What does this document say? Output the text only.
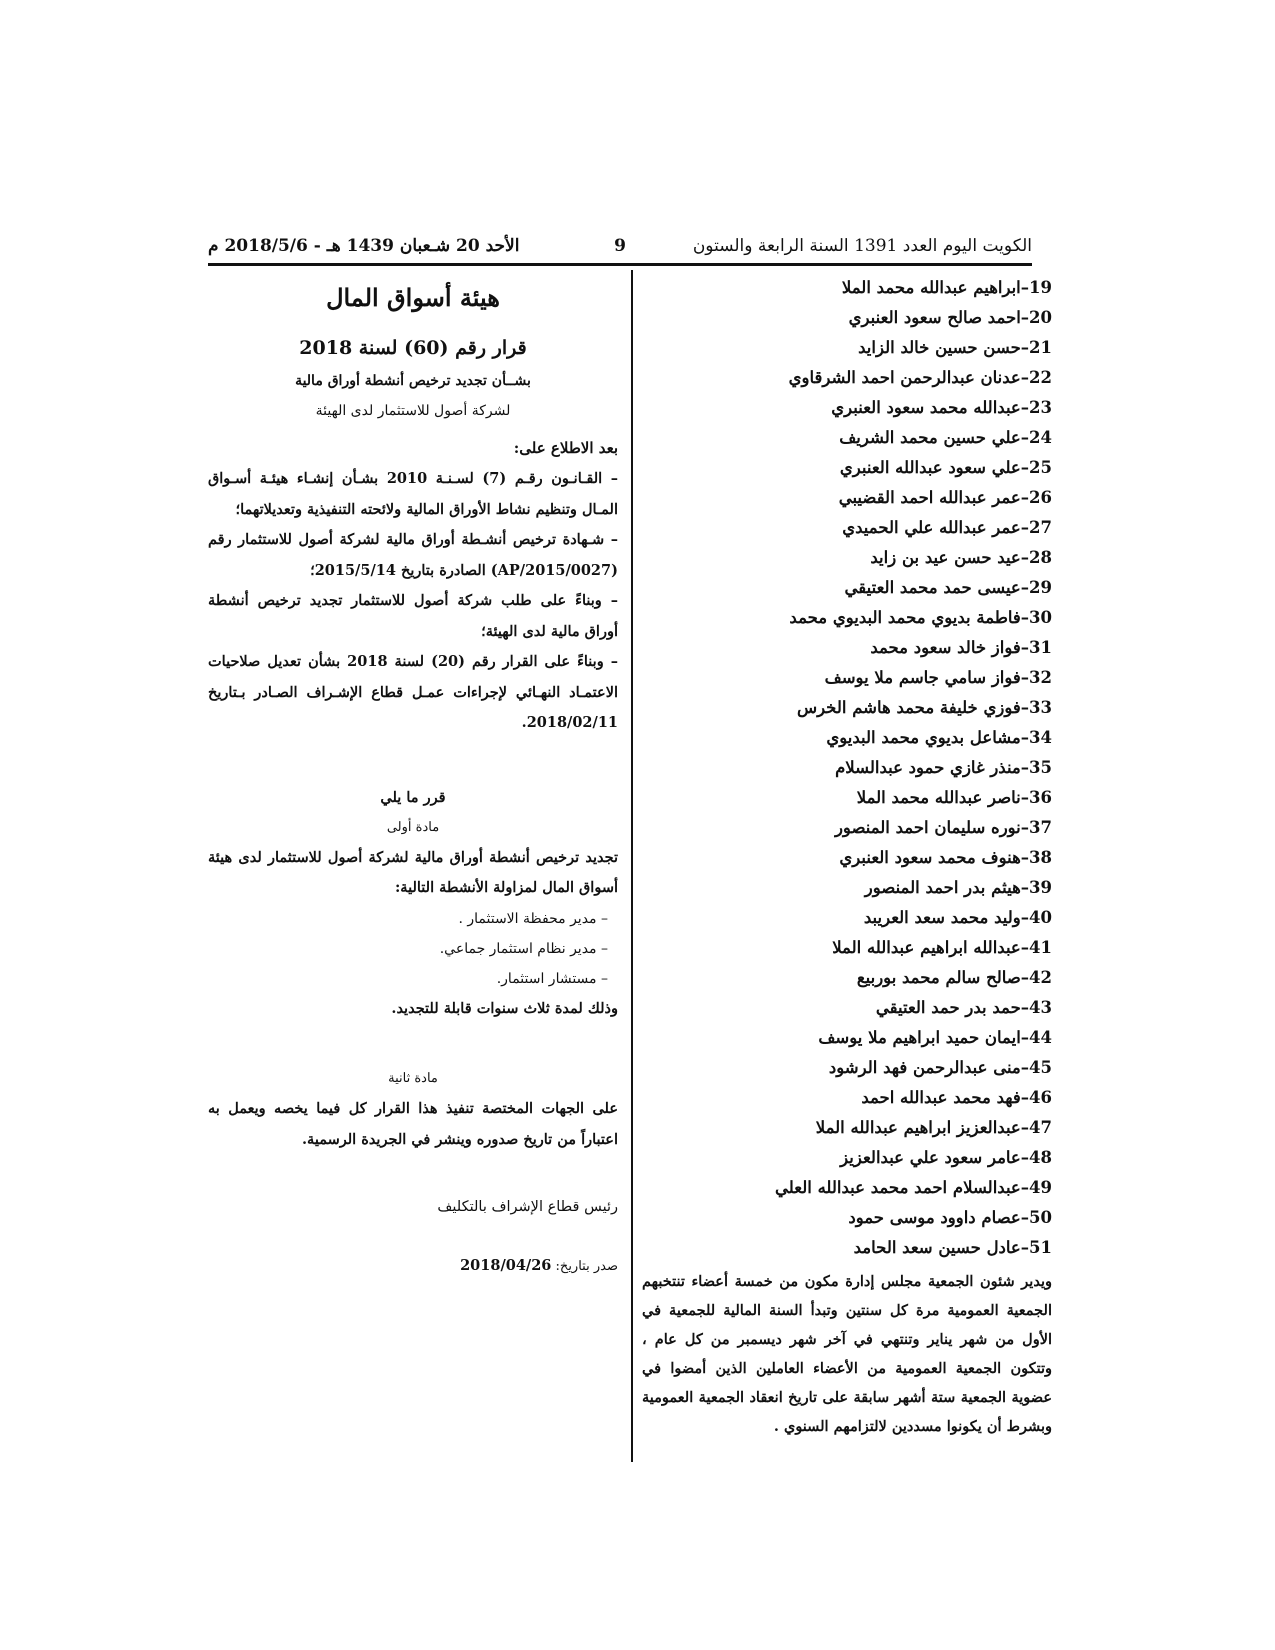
الكويت اليوم العدد 1391 السنة الرابعة والستون
9
الأحد 20 شـعبان 1439 هـ - 2018/5/6 م
19–ابراهيم عبدالله محمد الملا
20–احمد صالح سعود العنبري
21–حسن حسين خالد الزايد
22–عدنان عبدالرحمن احمد الشرقاوي
23–عبدالله محمد سعود العنبري
24–علي حسين محمد الشريف
25–علي سعود عبدالله العنبري
26–عمر عبدالله احمد القضيبي
27–عمر عبدالله علي الحميدي
28–عيد حسن عيد بن زايد
29–عيسى حمد محمد العتيقي
30–فاطمة بديوي محمد البديوي محمد
31–فواز خالد سعود محمد
32–فواز سامي جاسم ملا يوسف
33–فوزي خليفة محمد هاشم الخرس
34–مشاعل بديوي محمد البديوي
35–منذر غازي حمود عبدالسلام
36–ناصر عبدالله محمد الملا
37–نوره سليمان احمد المنصور
38–هنوف محمد سعود العنبري
39–هيثم بدر احمد المنصور
40–وليد محمد سعد العريبد
41–عبدالله ابراهيم عبدالله الملا
42–صالح سالم محمد بوربيع
43–حمد بدر حمد العتيقي
44–ايمان حميد ابراهيم ملا يوسف
45–منى عبدالرحمن فهد الرشود
46–فهد محمد عبدالله احمد
47–عبدالعزيز ابراهيم عبدالله الملا
48–عامر سعود علي عبدالعزيز
49–عبدالسلام احمد محمد عبدالله العلي
50–عصام داوود موسى حمود
51–عادل حسين سعد الحامد

ويدير شئون الجمعية مجلس إدارة مكون من خمسة أعضاء تنتخبهم الجمعية العمومية مرة كل سنتين وتبدأ السنة المالية للجمعية في الأول من شهر يناير وتنتهي في آخر شهر ديسمبر من كل عام ، وتتكون الجمعية العمومية من الأعضاء العاملين الذين أمضوا في عضوية الجمعية ستة أشهر سابقة على تاريخ انعقاد الجمعية العمومية وبشرط أن يكونوا مسددين لالتزامهم السنوي .

هيئة أسواق المال
قرار رقم (60) لسنة 2018
بشــأن تجديد ترخيص أنشطة أوراق مالية
لشركة أصول للاستثمار لدى الهيئة
بعد الاطلاع على:

– القـانـون رقـم (7) لسـنـة 2010 بشـأن إنشـاء هيئـة أسـواق المـال وتنظيم نشاط الأوراق المالية ولائحته التنفيذية وتعديلاتهما؛

– شـهادة ترخيص أنشـطة أوراق مالية لشركة أصول للاستثمار رقم (AP/2015/0027) الصادرة بتاريخ 2015/5/14؛

– وبناءً على طلب شركة أصول للاستثمار تجديد ترخيص أنشطة أوراق مالية لدى الهيئة؛

– وبناءً على القرار رقم (20) لسنة 2018 بشأن تعديل صلاحيات الاعتمـاد النهـائي لإجراءات عمـل قطاع الإشـراف الصـادر بـتاريخ 2018/02/11.

قرر ما يلي
مادة أولى

تجديد ترخيص أنشطة أوراق مالية لشركة أصول للاستثمار لدى هيئة أسواق المال لمزاولة الأنشطة التالية:

– مدير محفظة الاستثمار .
– مدير نظام استثمار جماعي.
– مستشار استثمار.
وذلك لمدة ثلاث سنوات قابلة للتجديد.
مادة ثانية

على الجهات المختصة تنفيذ هذا القرار كل فيما يخصه ويعمل به اعتباراً من تاريخ صدوره وينشر في الجريدة الرسمية.

رئيس قطاع الإشراف بالتكليف
صدر بتاريخ: 2018/04/26
